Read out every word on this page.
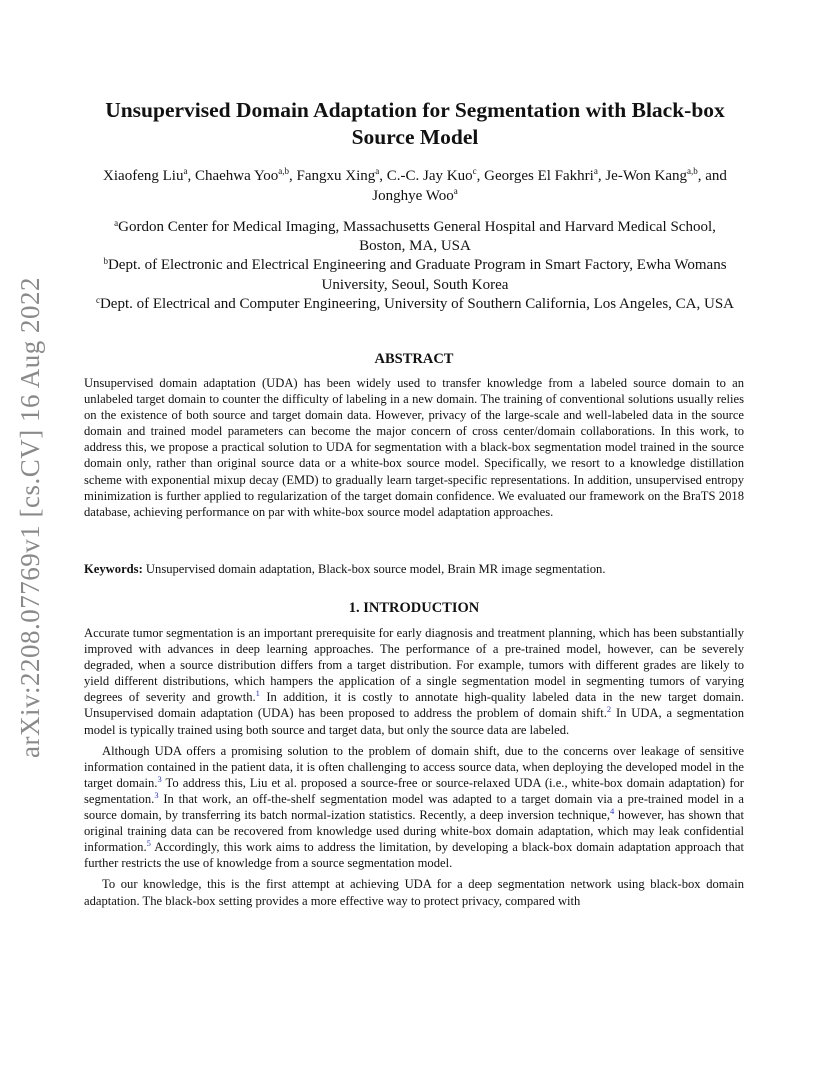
arXiv:2208.07769v1 [cs.CV] 16 Aug 2022
Unsupervised Domain Adaptation for Segmentation with Black-box Source Model
Xiaofeng Liu$^a$, Chaehwa Yoo$^{a,b}$, Fangxu Xing$^a$, C.-C. Jay Kuo$^c$, Georges El Fakhri$^a$, Je-Won Kang$^{a,b}$, and Jonghye Woo$^a$

$^a$Gordon Center for Medical Imaging, Massachusetts General Hospital and Harvard Medical School, Boston, MA, USA

$^b$Dept. of Electronic and Electrical Engineering and Graduate Program in Smart Factory, Ewha Womans University, Seoul, South Korea

$^c$Dept. of Electrical and Computer Engineering, University of Southern California, Los Angeles, CA, USA

ABSTRACT
Unsupervised domain adaptation (UDA) has been widely used to transfer knowledge from a labeled source domain to an unlabeled target domain to counter the difficulty of labeling in a new domain. The training of conventional solutions usually relies on the existence of both source and target domain data. However, privacy of the large-scale and well-labeled data in the source domain and trained model parameters can become the major concern of cross center/domain collaborations. In this work, to address this, we propose a practical solution to UDA for segmentation with a black-box segmentation model trained in the source domain only, rather than original source data or a white-box source model. Specifically, we resort to a knowledge distillation scheme with exponential mixup decay (EMD) to gradually learn target-specific representations. In addition, unsupervised entropy minimization is further applied to regularization of the target domain confidence. We evaluated our framework on the BraTS 2018 database, achieving performance on par with white-box source model adaptation approaches.
Keywords: Unsupervised domain adaptation, Black-box source model, Brain MR image segmentation.
1. INTRODUCTION

Accurate tumor segmentation is an important prerequisite for early diagnosis and treatment planning, which has been substantially improved with advances in deep learning approaches. The performance of a pre-trained model, however, can be severely degraded, when a source distribution differs from a target distribution. For example, tumors with different grades are likely to yield different distributions, which hampers the application of a single segmentation model in segmenting tumors of varying degrees of severity and growth.$^1$ In addition, it is costly to annotate high-quality labeled data in the new target domain. Unsupervised domain adaptation (UDA) has been proposed to address the problem of domain shift.$^2$ In UDA, a segmentation model is typically trained using both source and target data, but only the source data are labeled.

Although UDA offers a promising solution to the problem of domain shift, due to the concerns over leakage of sensitive information contained in the patient data, it is often challenging to access source data, when deploying the developed model in the target domain.$^3$ To address this, Liu et al. proposed a source-free or source-relaxed UDA (i.e., white-box domain adaptation) for segmentation.$^3$ In that work, an off-the-shelf segmentation model was adapted to a target domain via a pre-trained model in a source domain, by transferring its batch normal-ization statistics. Recently, a deep inversion technique,$^4$ however, has shown that original training data can be recovered from knowledge used during white-box domain adaptation, which may leak confidential information.$^5$ Accordingly, this work aims to address the limitation, by developing a black-box domain adaptation approach that further restricts the use of knowledge from a source segmentation model.

To our knowledge, this is the first attempt at achieving UDA for a deep segmentation network using black-box domain adaptation. The black-box setting provides a more effective way to protect privacy, compared with
